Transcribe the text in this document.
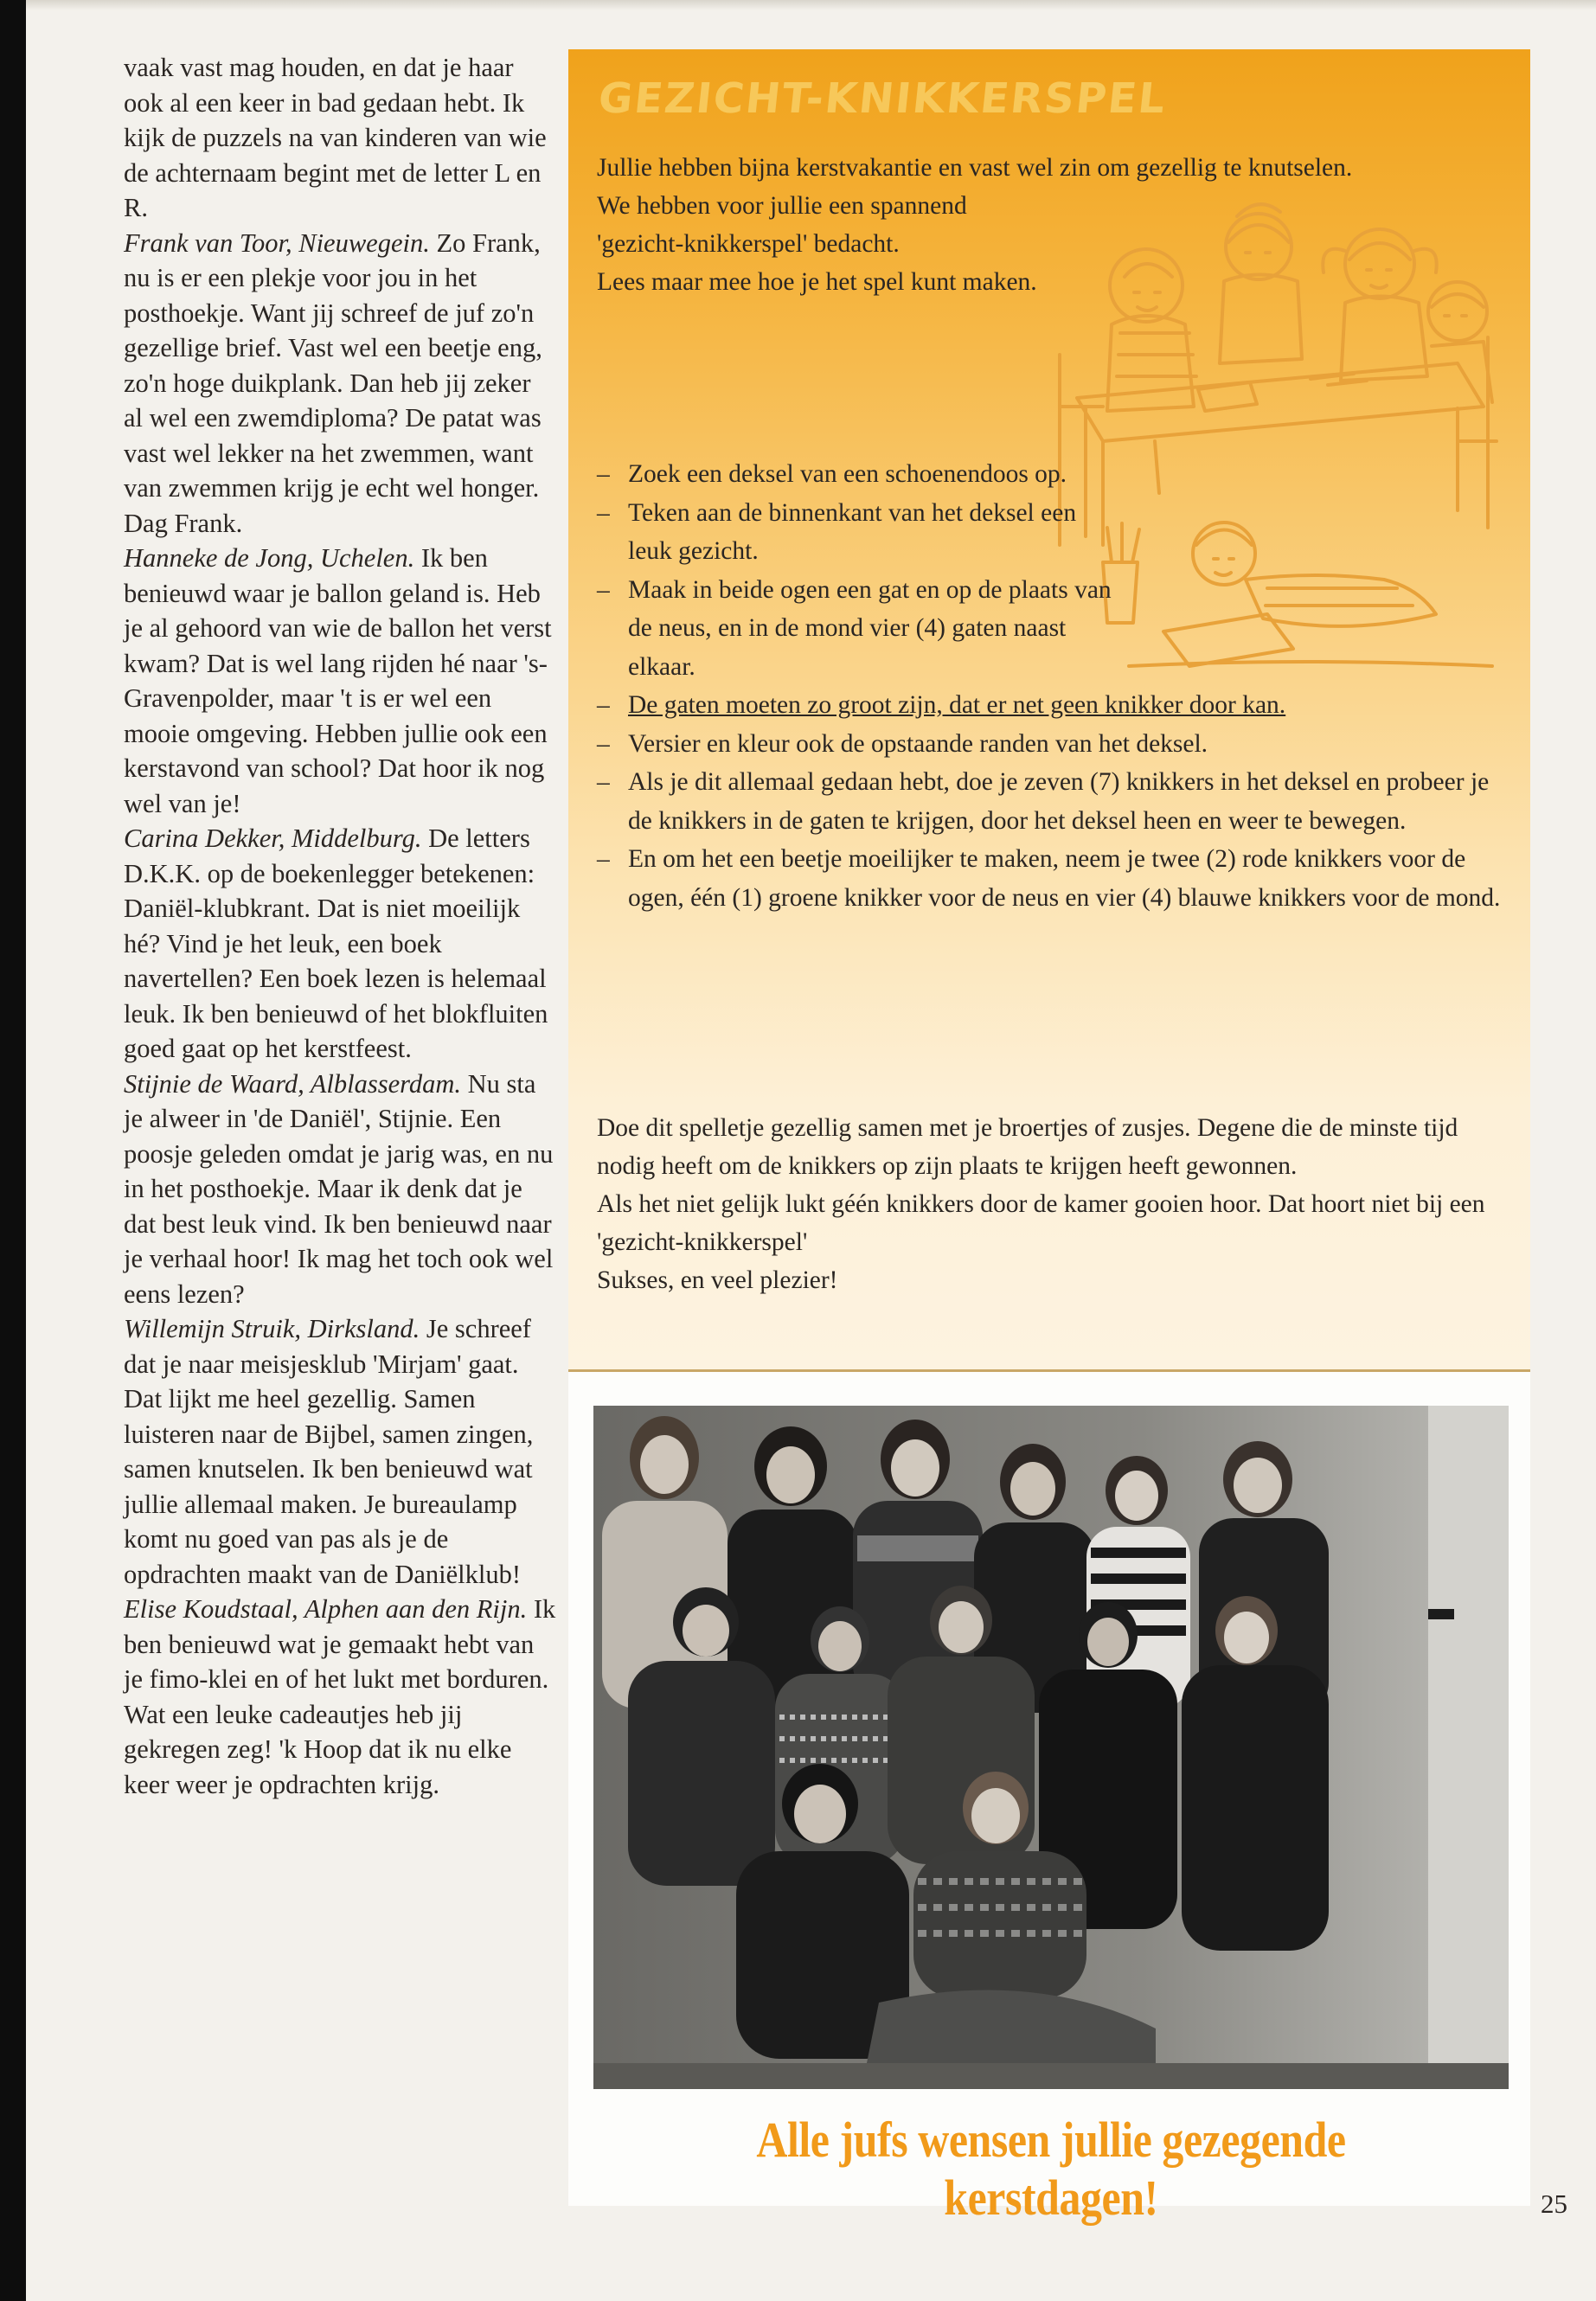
vaak vast mag houden, en dat je haar ook al een keer in bad gedaan hebt. Ik kijk de puzzels na van kinderen van wie de achternaam begint met de letter L en R.

Frank van Toor, Nieuwegein. Zo Frank, nu is er een plekje voor jou in het posthoekje. Want jij schreef de juf zo'n gezellige brief. Vast wel een beetje eng, zo'n hoge duikplank. Dan heb jij zeker al wel een zwemdiploma? De patat was vast wel lekker na het zwemmen, want van zwemmen krijg je echt wel honger. Dag Frank.

Hanneke de Jong, Uchelen. Ik ben benieuwd waar je ballon geland is. Heb je al gehoord van wie de ballon het verst kwam? Dat is wel lang rijden hé naar 's-Gravenpolder, maar 't is er wel een mooie omgeving. Hebben jullie ook een kerstavond van school? Dat hoor ik nog wel van je!

Carina Dekker, Middelburg. De letters D.K.K. op de boekenlegger betekenen: Daniël-klubkrant. Dat is niet moeilijk hé? Vind je het leuk, een boek navertellen? Een boek lezen is helemaal leuk. Ik ben benieuwd of het blokfluiten goed gaat op het kerstfeest.

Stijnie de Waard, Alblasserdam. Nu sta je alweer in 'de Daniël', Stijnie. Een poosje geleden omdat je jarig was, en nu in het posthoekje. Maar ik denk dat je dat best leuk vind. Ik ben benieuwd naar je verhaal hoor! Ik mag het toch ook wel eens lezen?

Willemijn Struik, Dirksland. Je schreef dat je naar meisjesklub 'Mirjam' gaat. Dat lijkt me heel gezellig. Samen luisteren naar de Bijbel, samen zingen, samen knutselen. Ik ben benieuwd wat jullie allemaal maken. Je bureaulamp komt nu goed van pas als je de opdrachten maakt van de Daniëlklub!

Elise Koudstaal, Alphen aan den Rijn. Ik ben benieuwd wat je gemaakt hebt van je fimo-klei en of het lukt met borduren. Wat een leuke cadeautjes heb jij gekregen zeg! 'k Hoop dat ik nu elke keer weer je opdrachten krijg.

GEZICHT-KNIKKERSPEL

Jullie hebben bijna kerstvakantie en vast wel zin om gezellig te knutselen.

We hebben voor jullie een spannend 'gezicht-knikkerspel' bedacht.

Lees maar mee hoe je het spel kunt maken.

– Zoek een deksel van een schoenendoos op.
– Teken aan de binnenkant van het deksel een leuk gezicht.
– Maak in beide ogen een gat en op de plaats van de neus, en in de mond vier (4) gaten naast elkaar.
– De gaten moeten zo groot zijn, dat er net geen knikker door kan.
– Versier en kleur ook de opstaande randen van het deksel.
– Als je dit allemaal gedaan hebt, doe je zeven (7) knikkers in het deksel en probeer je de knikkers in de gaten te krijgen, door het deksel heen en weer te bewegen.
– En om het een beetje moeilijker te maken, neem je twee (2) rode knikkers voor de ogen, één (1) groene knikker voor de neus en vier (4) blauwe knikkers voor de mond.

Doe dit spelletje gezellig samen met je broertjes of zusjes. Degene die de minste tijd nodig heeft om de knikkers op zijn plaats te krijgen heeft gewonnen.

Als het niet gelijk lukt géén knikkers door de kamer gooien hoor. Dat hoort niet bij een 'gezicht-knikkerspel'

Sukses, en veel plezier!

Alle jufs wensen jullie gezegende kerstdagen!	25
